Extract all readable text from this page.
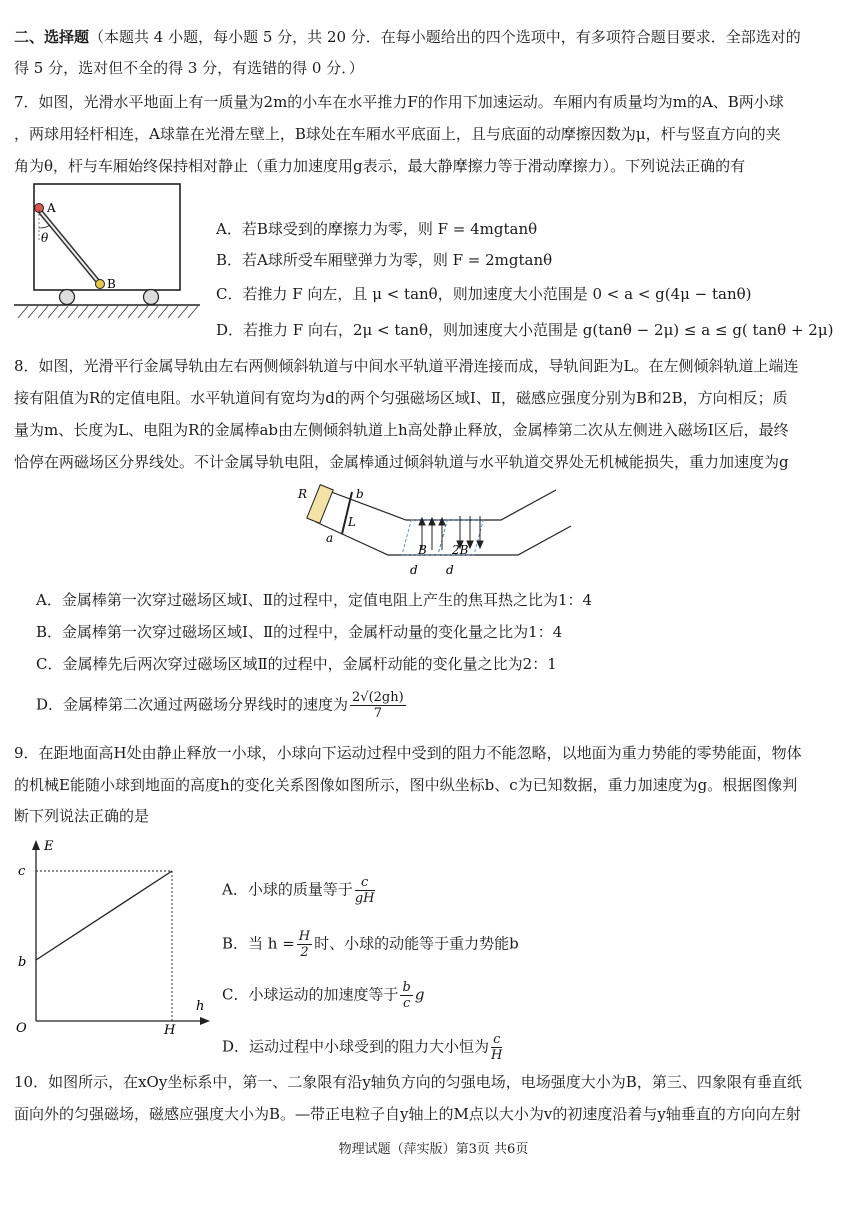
二、选择题（本题共 4 小题，每小题 5 分，共 20 分．在每小题给出的四个选项中，有多项符合题目要求．全部选对的
得 5 分，选对但不全的得 3 分，有选错的得 0 分．）
7．如图，光滑水平地面上有一质量为2m的小车在水平推力F的作用下加速运动。车厢内有质量均为m的A、B两小球
，两球用轻杆相连，A球靠在光滑左壁上，B球处在车厢水平底面上，且与底面的动摩擦因数为μ，杆与竖直方向的夹
角为θ，杆与车厢始终保持相对静止（重力加速度用g表示，最大静摩擦力等于滑动摩擦力）。下列说法正确的有
A
B
θ	A．若B球受到的摩擦力为零，则 F = 4mgtanθ
B．若A球所受车厢壁弹力为零，则 F = 2mgtanθ
C．若推力 F 向左，且 μ < tanθ，则加速度大小范围是 0 < a < g(4μ − tanθ)
D．若推力 F 向右，2μ < tanθ，则加速度大小范围是 g(tanθ − 2μ) ≤ a ≤ g( tanθ + 2μ)
8．如图，光滑平行金属导轨由左右两侧倾斜轨道与中间水平轨道平滑连接而成，导轨间距为L。在左侧倾斜轨道上端连
接有阻值为R的定值电阻。水平轨道间有宽均为d的两个匀强磁场区域Ⅰ、Ⅱ，磁感应强度分别为B和2B，方向相反；质
量为m、长度为L、电阻为R的金属棒ab由左侧倾斜轨道上h高处静止释放，金属棒第二次从左侧进入磁场Ⅰ区后，最终
恰停在两磁场区分界线处。不计金属导轨电阻，金属棒通过倾斜轨道与水平轨道交界处无机械能损失，重力加速度为g
R	b
L
a
B 2B
d d
A．金属棒第一次穿过磁场区域Ⅰ、Ⅱ的过程中，定值电阻上产生的焦耳热之比为1：4
B．金属棒第一次穿过磁场区域Ⅰ、Ⅱ的过程中，金属杆动量的变化量之比为1：4
C．金属棒先后两次穿过磁场区域Ⅱ的过程中，金属杆动能的变化量之比为2：1
D．金属棒第二次通过两磁场分界线时的速度为 $\frac{2√(2gh)}{7}$
9．在距地面高H处由静止释放一小球，小球向下运动过程中受到的阻力不能忽略，以地面为重力势能的零势能面，物体
的机械E能随小球到地面的高度h的变化关系图像如图所示，图中纵坐标b、c为已知数据，重力加速度为g。根据图像判
断下列说法正确的是
E
c
b
O
h
H
A．小球的质量等于 $\frac{c}{gH}$
B．当 $h = \frac{H}{2}$ 时、小球的动能等于重力势能b
C．小球运动的加速度等于 $\frac{b}{c}$ g
D．运动过程中小球受到的阻力大小恒为 $\frac{c}{H}$
10．如图所示，在xOy坐标系中，第一、二象限有沿y轴负方向的匀强电场，电场强度大小为B，第三、四象限有垂直纸
面向外的匀强磁场，磁感应强度大小为B。—带正电粒子自y轴上的M点以大小为v的初速度沿着与y轴垂直的方向向左射
物理试题（萍实版）第3页 共6页
